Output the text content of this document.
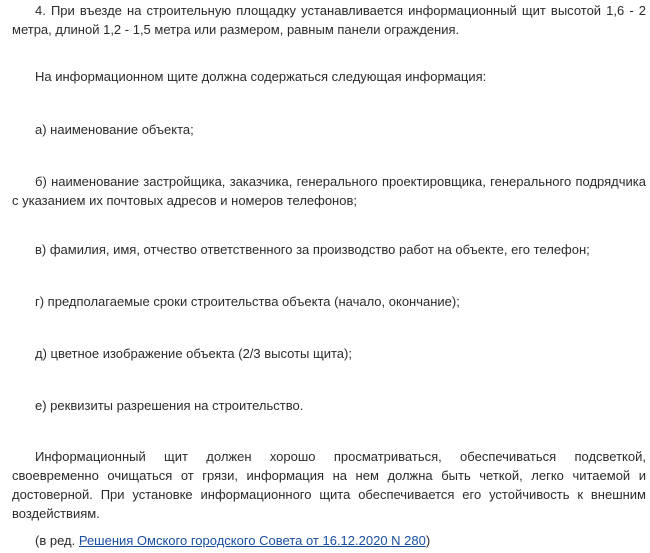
4. При въезде на строительную площадку устанавливается информационный щит высотой 1,6 - 2 метра, длиной 1,2 - 1,5 метра или размером, равным панели ограждения.

На информационном щите должна содержаться следующая информация:

а) наименование объекта;

б) наименование застройщика, заказчика, генерального проектировщика, генерального подрядчика с указанием их почтовых адресов и номеров телефонов;

в) фамилия, имя, отчество ответственного за производство работ на объекте, его телефон;

г) предполагаемые сроки строительства объекта (начало, окончание);

д) цветное изображение объекта (2/3 высоты щита);

е) реквизиты разрешения на строительство.

Информационный щит должен хорошо просматриваться, обеспечиваться подсветкой, своевременно очищаться от грязи, информация на нем должна быть четкой, легко читаемой и достоверной. При установке информационного щита обеспечивается его устойчивость к внешним воздействиям.

(в ред. Решения Омского городского Совета от 16.12.2020 N 280)
